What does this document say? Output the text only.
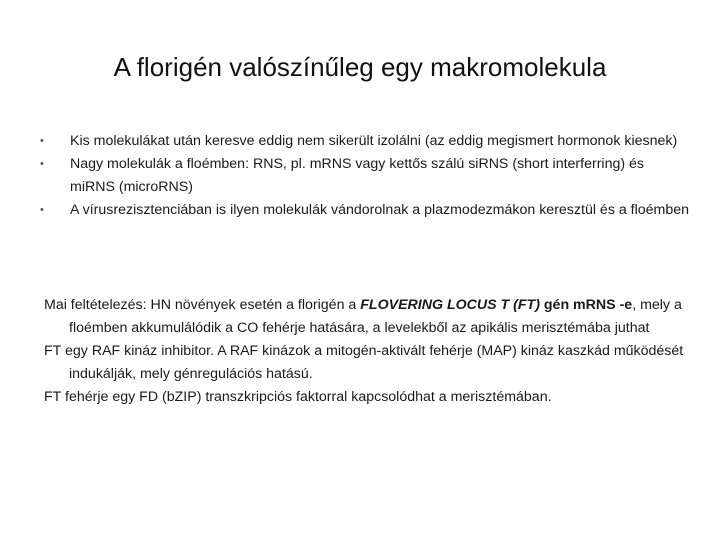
A florigén valószínűleg egy makromolekula
• Kis molekulákat után keresve eddig nem sikerült izolálni (az eddig megismert hormonok kiesnek)
• Nagy molekulák a floémben: RNS, pl. mRNS vagy kettős szálú siRNS (short interferring) és miRNS (microRNS)
• A vírusrezisztenciában is ilyen molekulák vándorolnak a plazmodezmákon keresztül és a floémben

Mai feltételezés: HN növények esetén a florigén a FLOVERING LOCUS T (FT) gén mRNS -e, mely a floémben akkumulálódik a CO fehérje hatására, a levelekből az apikális merisztémába juthat

FT egy RAF kináz inhibitor. A RAF kinázok a mitogén-aktivált fehérje (MAP) kináz kaszkád működését indukálják, mely génregulációs hatású.

FT fehérje egy FD (bZIP) transzkripciós faktorral kapcsolódhat a merisztémában.
